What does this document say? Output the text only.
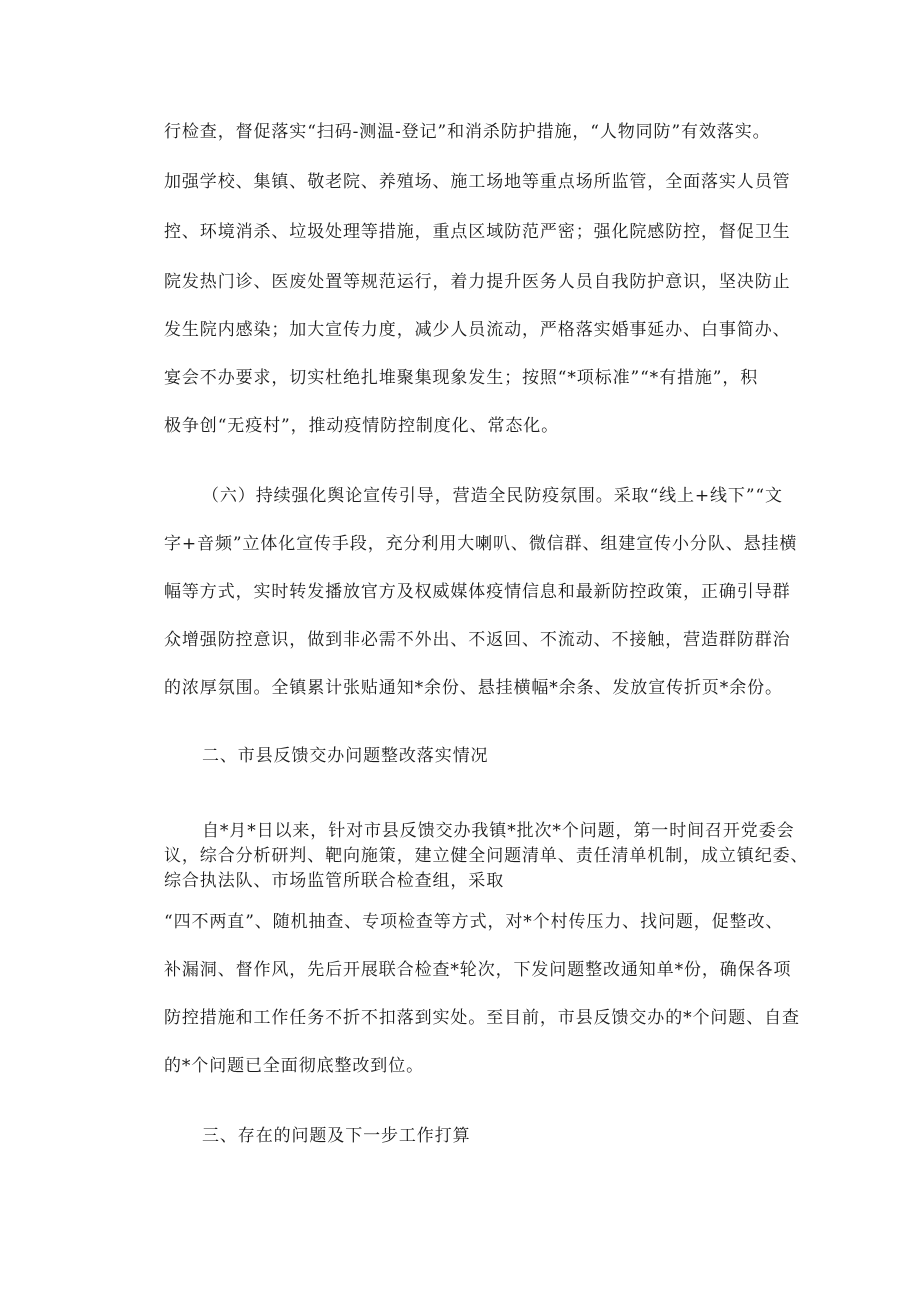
行检查，督促落实“扫码-测温-登记”和消杀防护措施，“人物同防”有效落实。
加强学校、集镇、敬老院、养殖场、施工场地等重点场所监管，全面落实人员管
控、环境消杀、垃圾处理等措施，重点区域防范严密；强化院感防控，督促卫生
院发热门诊、医废处置等规范运行，着力提升医务人员自我防护意识，坚决防止
发生院内感染；加大宣传力度，减少人员流动，严格落实婚事延办、白事简办、
宴会不办要求，切实杜绝扎堆聚集现象发生；按照“*项标准”“*有措施”，积
极争创“无疫村”，推动疫情防控制度化、常态化。
（六）持续强化舆论宣传引导，营造全民防疫氛围。采取“线上+线下”“文
字+音频”立体化宣传手段，充分利用大喇叭、微信群、组建宣传小分队、悬挂横
幅等方式，实时转发播放官方及权威媒体疫情信息和最新防控政策，正确引导群
众增强防控意识，做到非必需不外出、不返回、不流动、不接触，营造群防群治
的浓厚氛围。全镇累计张贴通知*余份、悬挂横幅*余条、发放宣传折页*余份。
二、市县反馈交办问题整改落实情况
自*月*日以来，针对市县反馈交办我镇*批次*个问题，第一时间召开党委会
议，综合分析研判、靶向施策，建立健全问题清单、责任清单机制，成立镇纪委、
综合执法队、市场监管所联合检查组，采取
“四不两直”、随机抽查、专项检查等方式，对*个村传压力、找问题，促整改、
补漏洞、督作风，先后开展联合检查*轮次，下发问题整改通知单*份，确保各项
防控措施和工作任务不折不扣落到实处。至目前，市县反馈交办的*个问题、自查
的*个问题已全面彻底整改到位。
三、存在的问题及下一步工作打算
